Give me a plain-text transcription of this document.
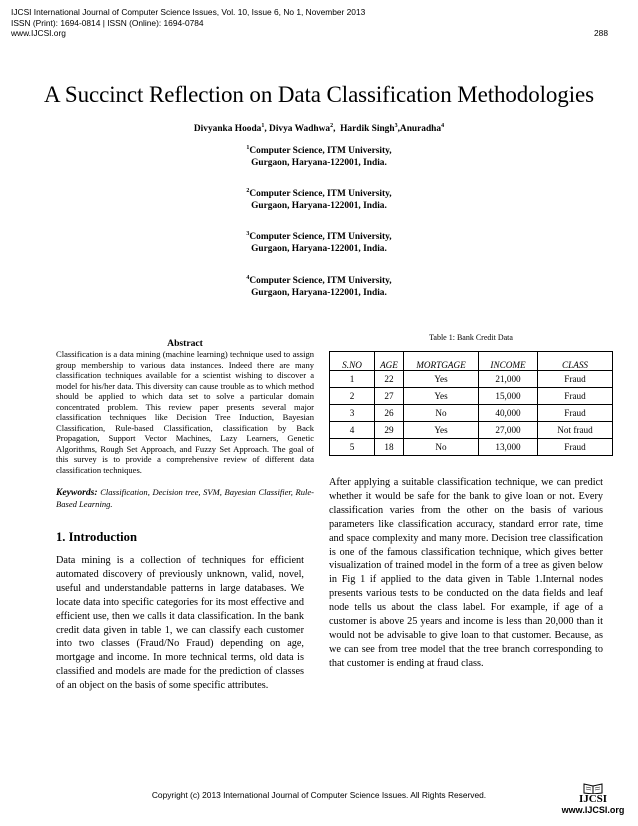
IJCSI International Journal of Computer Science Issues, Vol. 10, Issue 6, No 1, November 2013
ISSN (Print): 1694-0814 | ISSN (Online): 1694-0784
www.IJCSI.org	288
A Succinct Reflection on Data Classification Methodologies
Divyanka Hooda$^1$, Divya Wadhwa$^2$,  Hardik Singh$^3$,Anuradha$^4$
$^1$Computer Science, ITM University,
Gurgaon, Haryana-122001, India.
$^2$Computer Science, ITM University,
Gurgaon, Haryana-122001, India.
$^3$Computer Science, ITM University,
Gurgaon, Haryana-122001, India.
$^4$Computer Science, ITM University,
Gurgaon, Haryana-122001, India.
Abstract
Classification is a data mining (machine learning) technique used to assign group membership to various data instances. Indeed there are many classification techniques available for a scientist wishing to discover a model for his/her data. This diversity can cause trouble as to which method should be applied to which data set to solve a particular domain concentrated problem. This review paper presents several major classification techniques like Decision Tree Induction, Bayesian Classification, Rule-based Classification, classification by Back Propagation, Support Vector Machines, Lazy Learners, Genetic Algorithms, Rough Set Approach, and Fuzzy Set Approach. The goal of this survey is to provide a comprehensive review of different data classification techniques.
Keywords: Classification, Decision tree, SVM, Bayesian Classifier, Rule-Based Learning.
1. Introduction
Data mining is a collection of techniques for efficient automated discovery of previously unknown, valid, novel, useful and understandable patterns in large databases. We locate data into specific categories for its most effective and efficient use, then we calls it data classification. In the bank credit data given in table 1, we can classify each customer into two classes (Fraud/No Fraud) depending on age, mortgage and income. In more technical terms, old data is classified and models are made for the prediction of classes of an object on the basis of some specific attributes.
Table 1: Bank Credit Data
S.NO	AGE	MORTGAGE	INCOME	CLASS
1	22	Yes	21,000	Fraud
2	27	Yes	15,000	Fraud
3	26	No	40,000	Fraud
4	29	Yes	27,000	Not fraud
5	18	No	13,000	Fraud
After applying a suitable classification technique, we can predict whether it would be safe for the bank to give loan or not. Every classification varies from the other on the basis of various parameters like classification accuracy, standard error rate, time and space complexity and many more. Decision tree classification is one of the famous classification technique, which gives better visualization of trained model in the form of a tree as given below in Fig 1 if applied to the data given in Table 1.Internal nodes presents various tests to be conducted on the data fields and leaf node tells us about the class label. For example, if age of a customer is above 25 years and income is less than 20,000 than it would not be advisable to give loan to that customer. Because, as we can see from tree model that the tree branch corresponding to that customer is ending at fraud class.
Copyright (c) 2013 International Journal of Computer Science Issues. All Rights Reserved.	IJCSI
www.IJCSI.org
